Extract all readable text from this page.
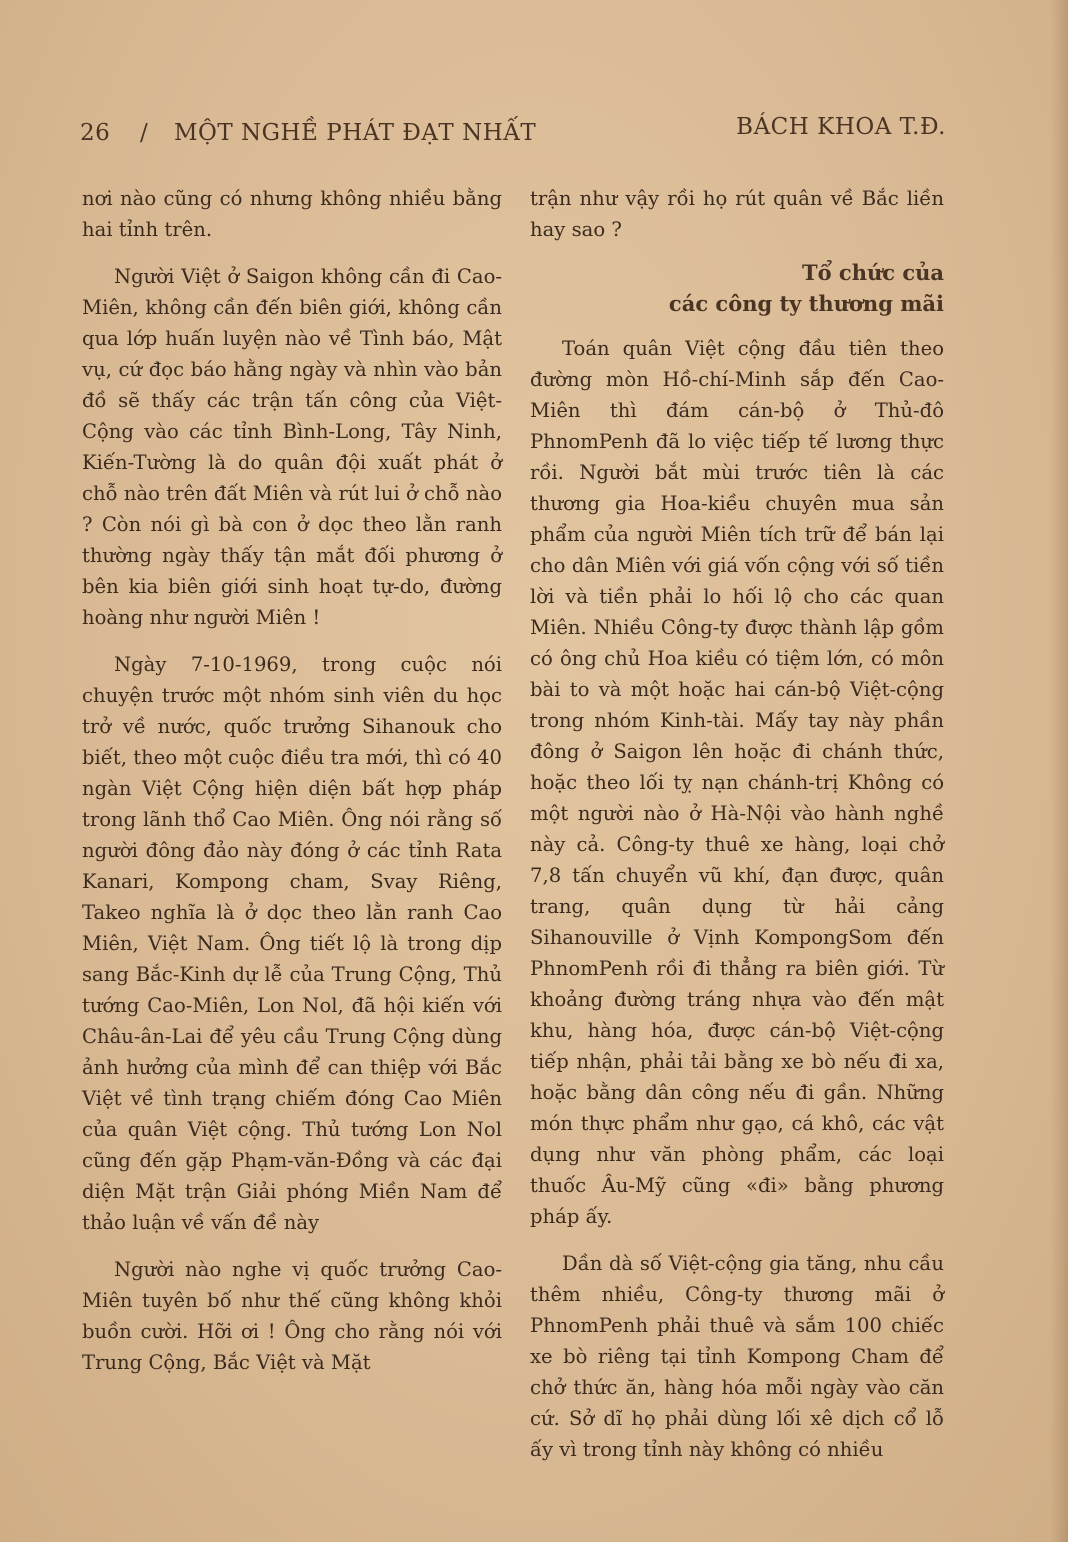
26 / MỘT NGHỀ PHÁT ĐẠT NHẤT	BÁCH KHOA T.Đ.

nơi nào cũng có nhưng không nhiều bằng hai tỉnh trên.

Người Việt ở Saigon không cần đi Cao-Miên, không cần đến biên giới, không cần qua lớp huấn luyện nào về Tình báo, Mật vụ, cứ đọc báo hằng ngày và nhìn vào bản đồ sẽ thấy các trận tấn công của Việt-Cộng vào các tỉnh Bình-Long, Tây Ninh, Kiến-Tường là do quân đội xuất phát ở chỗ nào trên đất Miên và rút lui ở chỗ nào ? Còn nói gì bà con ở dọc theo lằn ranh thường ngày thấy tận mắt đối phương ở bên kia biên giới sinh hoạt tự-do, đường hoàng như người Miên !

Ngày 7-10-1969, trong cuộc nói chuyện trước một nhóm sinh viên du học trở về nước, quốc trưởng Sihanouk cho biết, theo một cuộc điều tra mới, thì có 40 ngàn Việt Cộng hiện diện bất hợp pháp trong lãnh thổ Cao Miên. Ông nói rằng số người đông đảo này đóng ở các tỉnh Rata Kanari, Kompong cham, Svay Riêng, Takeo nghĩa là ở dọc theo lằn ranh Cao Miên, Việt Nam. Ông tiết lộ là trong dịp sang Bắc-Kinh dự lễ của Trung Cộng, Thủ tướng Cao-Miên, Lon Nol, đã hội kiến với Châu-ân-Lai để yêu cầu Trung Cộng dùng ảnh hưởng của mình để can thiệp với Bắc Việt về tình trạng chiếm đóng Cao Miên của quân Việt cộng. Thủ tướng Lon Nol cũng đến gặp Phạm-văn-Đồng và các đại diện Mặt trận Giải phóng Miền Nam để thảo luận về vấn đề này

Người nào nghe vị quốc trưởng Cao-Miên tuyên bố như thế cũng không khỏi buồn cười. Hỡi ơi ! Ông cho rằng nói với Trung Cộng, Bắc Việt và Mặt

trận như vậy rồi họ rút quân về Bắc liền hay sao ?

Tổ chức của
các công ty thương mãi

Toán quân Việt cộng đầu tiên theo đường mòn Hồ-chí-Minh sắp đến Cao-Miên thì đám cán-bộ ở Thủ-đô PhnomPenh đã lo việc tiếp tế lương thực rồi. Người bắt mùi trước tiên là các thương gia Hoa-kiều chuyên mua sản phẩm của người Miên tích trữ để bán lại cho dân Miên với giá vốn cộng với số tiền lời và tiền phải lo hối lộ cho các quan Miên. Nhiều Công-ty được thành lập gồm có ông chủ Hoa kiều có tiệm lớn, có môn bài to và một hoặc hai cán-bộ Việt-cộng trong nhóm Kinh-tài. Mấy tay này phần đông ở Saigon lên hoặc đi chánh thức, hoặc theo lối tỵ nạn chánh-trị Không có một người nào ở Hà-Nội vào hành nghề này cả. Công-ty thuê xe hàng, loại chở 7,8 tấn chuyển vũ khí, đạn được, quân trang, quân dụng từ hải cảng Sihanouville ở Vịnh KompongSom đến PhnomPenh rồi đi thẳng ra biên giới. Từ khoảng đường tráng nhựa vào đến mật khu, hàng hóa, được cán-bộ Việt-cộng tiếp nhận, phải tải bằng xe bò nếu đi xa, hoặc bằng dân công nếu đi gần. Những món thực phẩm như gạo, cá khô, các vật dụng như văn phòng phẩm, các loại thuốc Âu-Mỹ cũng «đi» bằng phương pháp ấy.

Dần dà số Việt-cộng gia tăng, nhu cầu thêm nhiều, Công-ty thương mãi ở PhnomPenh phải thuê và sắm 100 chiếc xe bò riêng tại tỉnh Kompong Cham để chở thức ăn, hàng hóa mỗi ngày vào căn cứ. Sở dĩ họ phải dùng lối xê dịch cổ lỗ ấy vì trong tỉnh này không có nhiều
